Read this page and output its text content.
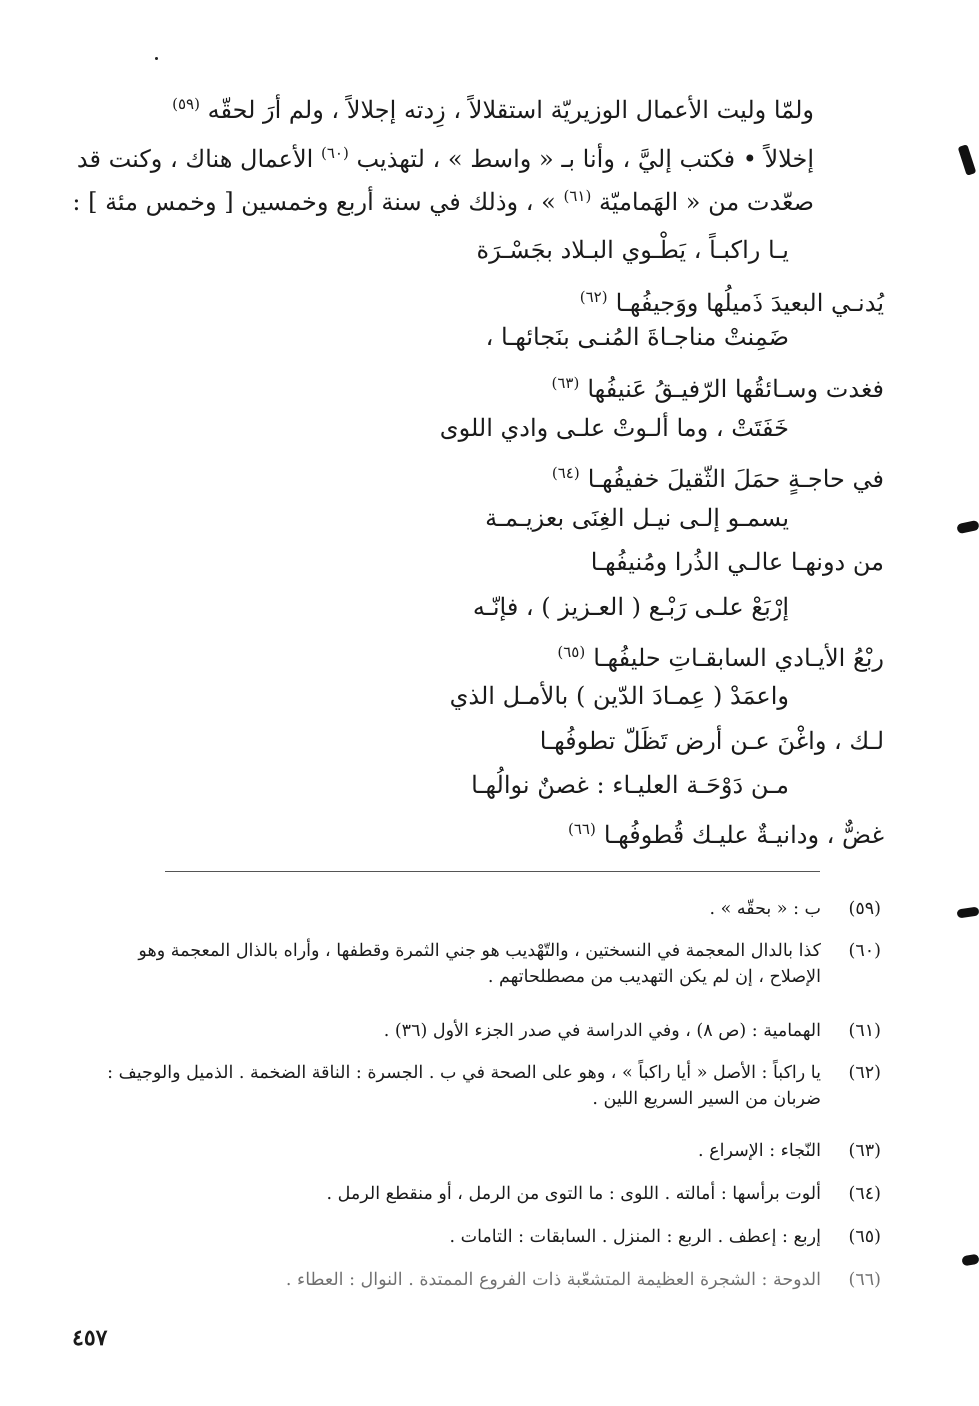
ولمّا وليت الأعمال الوزيريّة استقلالاً ، زِدته إجلالاً ، ولم أرَ لحقّه $^{(٥٩)}$
إخلالاً • فكتب إليَّ ، وأنا بـ « واسط » ، لتهذيب $^{(٦٠)}$ الأعمال هناك ، وكنت قد
صعّدت من « الهَماميّة $^{(٦١)}$ » ، وذلك في سنة أربع وخمسين [ وخمس مئة ] :
يـا راكبـاً ، يَطْـوي البـلاد بجَسْـرَة
يُدنـي البعيدَ ذَميلُها ووَجيفُهـا$^{(٦٢)}$
ضَمِنتْ مناجـاةَ المُنـى بنَجائهـا ،
فغدت وسـائقُها الرّفيـقُ عَنيفُها$^{(٦٣)}$
خَفَتَتْ ، وما ألـوتْ علـى وادي اللوى
في حاجـةٍ حمَلَ الثّقيلَ خفيفُهـا$^{(٦٤)}$
يسمـو إلـى نيـل الغِنَى بعزيـمـة
من دونهـا عالـي الذُرا ومُنيفُهـا
إرْبَعْ علـى رَبْـع ( العـزيز ) ، فإنّـه
ربْعُ الأيـادي السابقـاتِ حليفُهـا$^{(٦٥)}$
واعمَدْ ( عِمـادَ الدّين ) بالأمـل الذي
لـك ، واغْنَ عـن أرض تَظَلّ تطوفُهـا
مـن دَوْحَـة العليـاء : غصنٌ نوالُهـا
غضٌّ ، ودانيـةٌ عليـك قُطوفُهـا$^{(٦٦)}$
(٥٩)
ب : « بحقّه » .
(٦٠)
كذا بالدال المعجمة في النسختين ، والتّهْديب هو جني الثمرة وقطفها ، وأراه بالذال المعجمة وهو الإصلاح ، إن لم يكن التهديب من مصطلحاتهم .
(٦١)
الهمامية : (ص ٨) ، وفي الدراسة في صدر الجزء الأول (٣٦) .
(٦٢)
يا راكباً : الأصل « أيا راكباً » ، وهو على الصحة في ب . الجسرة : الناقة الضخمة . الذميل والوجيف : ضربان من السير السريع اللين .
(٦٣)
النّجاء : الإسراع .
(٦٤)
ألوت برأسها : أمالته . اللوى : ما التوى من الرمل ، أو منقطع الرمل .
(٦٥)
إربع : إعطف . الربع : المنزل . السابقات : التامات .
(٦٦)
الدوحة : الشجرة العظيمة المتشعّبة ذات الفروع الممتدة . النوال : العطاء .
٤٥٧
